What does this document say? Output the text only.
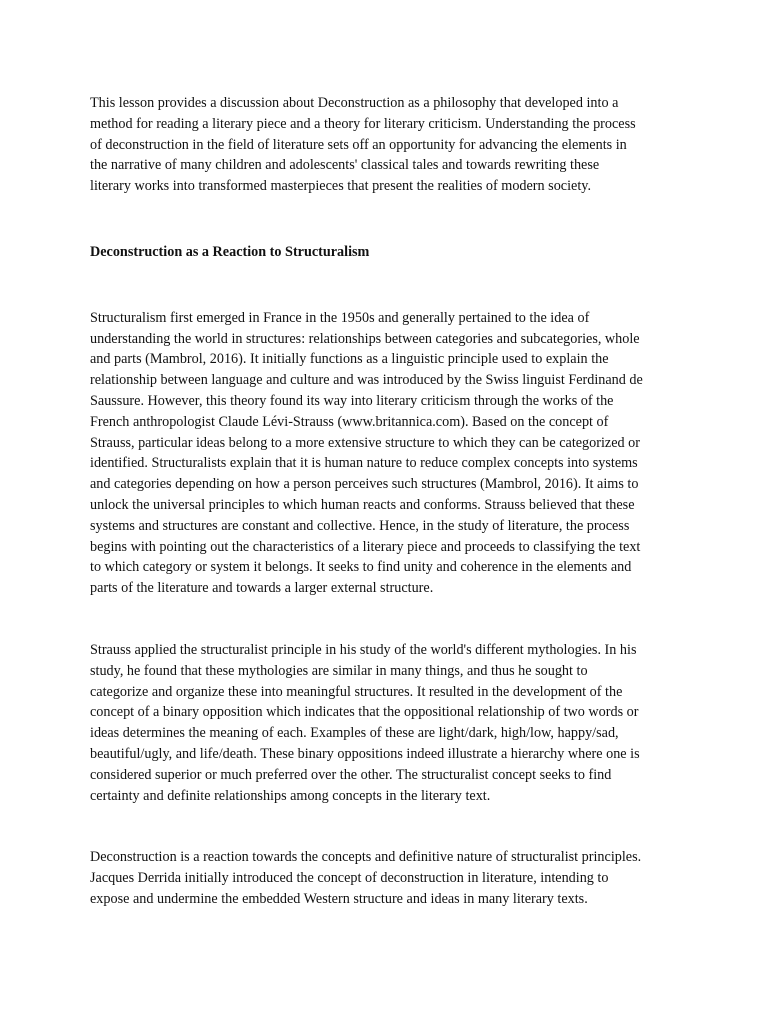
This lesson provides a discussion about Deconstruction as a philosophy that developed into a
method for reading a literary piece and a theory for literary criticism. Understanding the process
of deconstruction in the field of literature sets off an opportunity for advancing the elements in
the narrative of many children and adolescents' classical tales and towards rewriting these
literary works into transformed masterpieces that present the realities of modern society.

Deconstruction as a Reaction to Structuralism

Structuralism first emerged in France in the 1950s and generally pertained to the idea of
understanding the world in structures: relationships between categories and subcategories, whole
and parts (Mambrol, 2016). It initially functions as a linguistic principle used to explain the
relationship between language and culture and was introduced by the Swiss linguist Ferdinand de
Saussure. However, this theory found its way into literary criticism through the works of the
French anthropologist Claude Lévi-Strauss (www.britannica.com). Based on the concept of
Strauss, particular ideas belong to a more extensive structure to which they can be categorized or
identified. Structuralists explain that it is human nature to reduce complex concepts into systems
and categories depending on how a person perceives such structures (Mambrol, 2016). It aims to
unlock the universal principles to which human reacts and conforms. Strauss believed that these
systems and structures are constant and collective. Hence, in the study of literature, the process
begins with pointing out the characteristics of a literary piece and proceeds to classifying the text
to which category or system it belongs. It seeks to find unity and coherence in the elements and
parts of the literature and towards a larger external structure.

Strauss applied the structuralist principle in his study of the world's different mythologies. In his
study, he found that these mythologies are similar in many things, and thus he sought to
categorize and organize these into meaningful structures. It resulted in the development of the
concept of a binary opposition which indicates that the oppositional relationship of two words or
ideas determines the meaning of each. Examples of these are light/dark, high/low, happy/sad,
beautiful/ugly, and life/death. These binary oppositions indeed illustrate a hierarchy where one is
considered superior or much preferred over the other. The structuralist concept seeks to find
certainty and definite relationships among concepts in the literary text.

Deconstruction is a reaction towards the concepts and definitive nature of structuralist principles.
Jacques Derrida initially introduced the concept of deconstruction in literature, intending to
expose and undermine the embedded Western structure and ideas in many literary texts.
